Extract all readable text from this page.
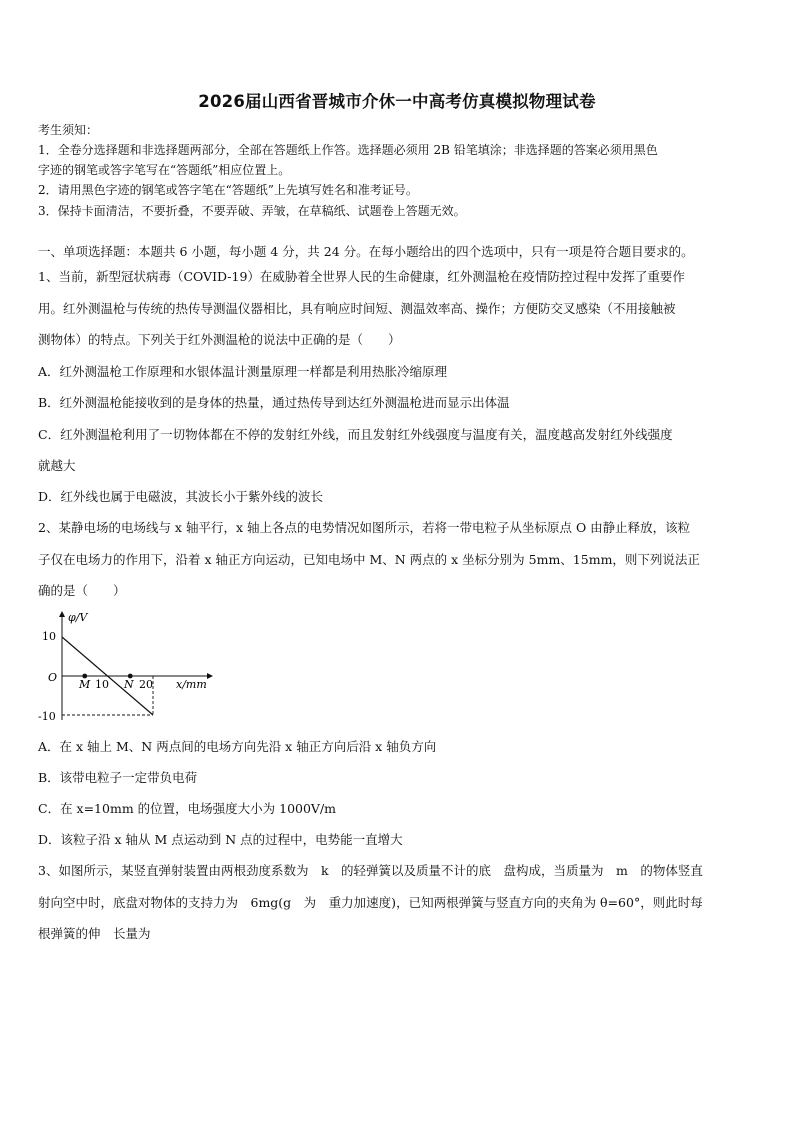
2026届山西省晋城市介休一中高考仿真模拟物理试卷
考生须知：
1．全卷分选择题和非选择题两部分，全部在答题纸上作答。选择题必须用 2B 铅笔填涂；非选择题的答案必须用黑色
字迹的钢笔或答字笔写在“答题纸”相应位置上。
2．请用黑色字迹的钢笔或答字笔在“答题纸”上先填写姓名和准考证号。
3．保持卡面清洁，不要折叠，不要弄破、弄皱，在草稿纸、试题卷上答题无效。
一、单项选择题：本题共 6 小题，每小题 4 分，共 24 分。在每小题给出的四个选项中，只有一项是符合题目要求的。
1、当前，新型冠状病毒（COVID-19）在威胁着全世界人民的生命健康，红外测温枪在疫情防控过程中发挥了重要作
用。红外测温枪与传统的热传导测温仪器相比，具有响应时间短、测温效率高、操作；方便防交叉感染（不用接触被
测物体）的特点。下列关于红外测温枪的说法中正确的是（　　）
A．红外测温枪工作原理和水银体温计测量原理一样都是利用热胀冷缩原理
B．红外测温枪能接收到的是身体的热量，通过热传导到达红外测温枪进而显示出体温
C．红外测温枪利用了一切物体都在不停的发射红外线，而且发射红外线强度与温度有关，温度越高发射红外线强度
就越大
D．红外线也属于电磁波，其波长小于紫外线的波长
2、某静电场的电场线与 x 轴平行，x 轴上各点的电势情况如图所示，若将一带电粒子从坐标原点 O 由静止释放，该粒
子仅在电场力的作用下，沿着 x 轴正方向运动，已知电场中 M、N 两点的 x 坐标分别为 5mm、15mm，则下列说法正
确的是（　　）
φ/V
10
O
-10
M 10 N 20 x/mm
A．在 x 轴上 M、N 两点间的电场方向先沿 x 轴正方向后沿 x 轴负方向
B．该带电粒子一定带负电荷
C．在 x=10mm 的位置，电场强度大小为 1000V/m
D．该粒子沿 x 轴从 M 点运动到 N 点的过程中，电势能一直增大
3、如图所示，某竖直弹射装置由两根劲度系数为　k　的轻弹簧以及质量不计的底　盘构成，当质量为　m　的物体竖直
射向空中时，底盘对物体的支持力为　6mg(g　为　重力加速度)，已知两根弹簧与竖直方向的夹角为 θ=60°，则此时每
根弹簧的伸　长量为
